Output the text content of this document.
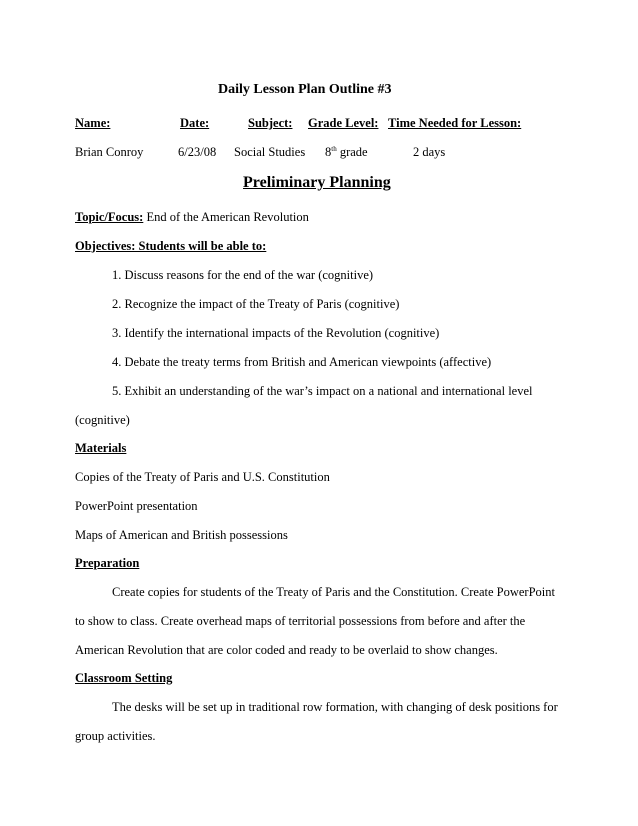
Daily Lesson Plan Outline #3
Name:	Date:	Subject: Grade Level: Time Needed for Lesson:
Brian Conroy	6/23/08 Social Studies 8th grade	2 days
Preliminary Planning
Topic/Focus: End of the American Revolution
Objectives: Students will be able to:
1. Discuss reasons for the end of the war (cognitive)
2. Recognize the impact of the Treaty of Paris (cognitive)
3. Identify the international impacts of the Revolution (cognitive)
4. Debate the treaty terms from British and American viewpoints (affective)
5. Exhibit an understanding of the war’s impact on a national and international level
(cognitive)
Materials
Copies of the Treaty of Paris and U.S. Constitution
PowerPoint presentation
Maps of American and British possessions
Preparation
Create copies for students of the Treaty of Paris and the Constitution. Create PowerPoint
to show to class. Create overhead maps of territorial possessions from before and after the
American Revolution that are color coded and ready to be overlaid to show changes.
Classroom Setting
The desks will be set up in traditional row formation, with changing of desk positions for
group activities.
